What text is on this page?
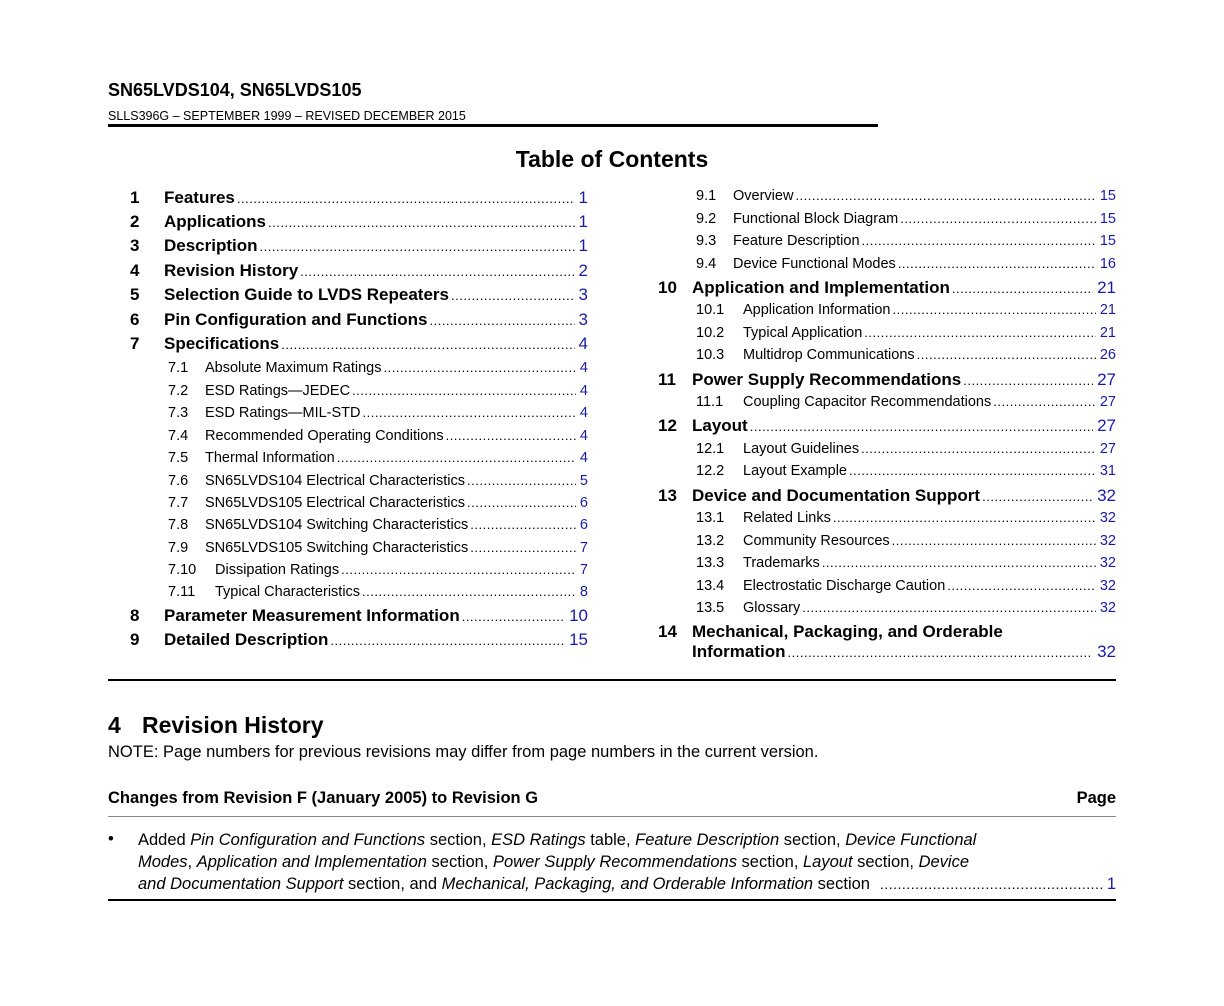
SN65LVDS104, SN65LVDS105
SLLS396G – SEPTEMBER 1999 – REVISED DECEMBER 2015
Table of Contents
1	Features .....	1
2	Applications .....	1
3	Description .....	1
4	Revision History .....	2
5	Selection Guide to LVDS Repeaters .....	3
6	Pin Configuration and Functions .....	3
7	Specifications .....	4
7.1	Absolute Maximum Ratings .....	4
7.2	ESD Ratings—JEDEC .....	4
7.3	ESD Ratings—MIL-STD .....	4
7.4	Recommended Operating Conditions .....	4
7.5	Thermal Information .....	4
7.6	SN65LVDS104 Electrical Characteristics .....	5
7.7	SN65LVDS105 Electrical Characteristics .....	6
7.8	SN65LVDS104 Switching Characteristics .....	6
7.9	SN65LVDS105 Switching Characteristics .....	7
7.10	Dissipation Ratings .....	7
7.11	Typical Characteristics .....	8
8	Parameter Measurement Information .....	10
9	Detailed Description .....	15
9.1	Overview .....	15
9.2	Functional Block Diagram .....	15
9.3	Feature Description .....	15
9.4	Device Functional Modes .....	16
10 Application and Implementation .....	21
10.1	Application Information .....	21
10.2	Typical Application .....	21
10.3	Multidrop Communications .....	26
11 Power Supply Recommendations .....	27
11.1	Coupling Capacitor Recommendations .....	27
12 Layout .....	27
12.1	Layout Guidelines .....	27
12.2	Layout Example .....	31
13 Device and Documentation Support .....	32
13.1	Related Links .....	32
13.2	Community Resources .....	32
13.3	Trademarks .....	32
13.4	Electrostatic Discharge Caution .....	32
13.5	Glossary .....	32
14 Mechanical, Packaging, and Orderable
Information .....	32
4 Revision History
NOTE: Page numbers for previous revisions may differ from page numbers in the current version.
Changes from Revision F (January 2005) to Revision G	Page
• Added Pin Configuration and Functions section, ESD Ratings table, Feature Description section, Device Functional
Modes , Application and Implementation section, Power Supply Recommendations section, Layout section, Device
and Documentation Support section, and Mechanical, Packaging, and Orderable Information section .....	1
